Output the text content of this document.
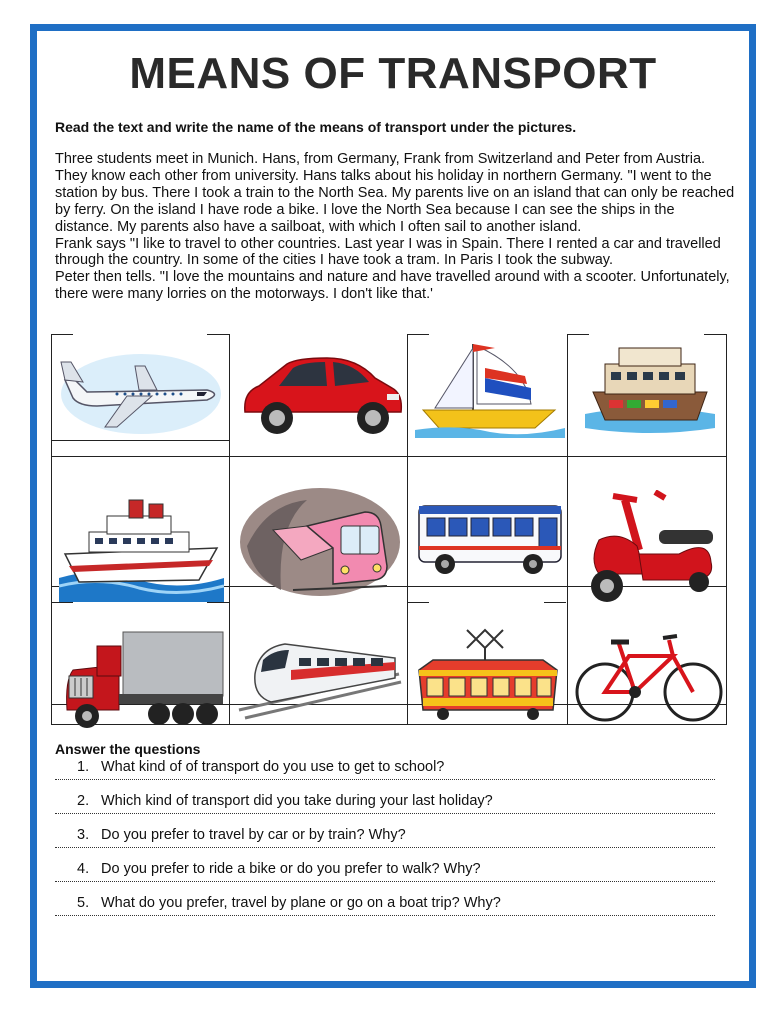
MEANS OF TRANSPORT
Read the text and write the name of the means of transport under the pictures.

Three students meet in Munich. Hans, from Germany, Frank from Switzerland and Peter from Austria. They know each other from university. Hans talks about his holiday in northern Germany. "I went to the station by bus. There I took a train to the North Sea. My parents live on an island that can only be reached by ferry. On the island I have rode a bike. I love the North Sea because I can see the ships in the distance. My parents also have a sailboat, with which I often sail to another island.

Frank says "I like to travel to other countries. Last year I was in Spain. There I rented a car and travelled through the country. In some of the cities I have took a tram. In Paris I took the subway.

Peter then tells. "I love the mountains and nature and have travelled around with a scooter. Unfortunately, there were many lorries on the motorways. I don't like that.'

Answer the questions
1. What kind of of transport do you use to get to school?
2. Which kind of transport did you take during your last holiday?
3. Do you prefer to travel by car or by train? Why?
4. Do you prefer to ride a bike or do you prefer to walk? Why?
5. What do you prefer, travel by plane or go on a boat trip? Why?
